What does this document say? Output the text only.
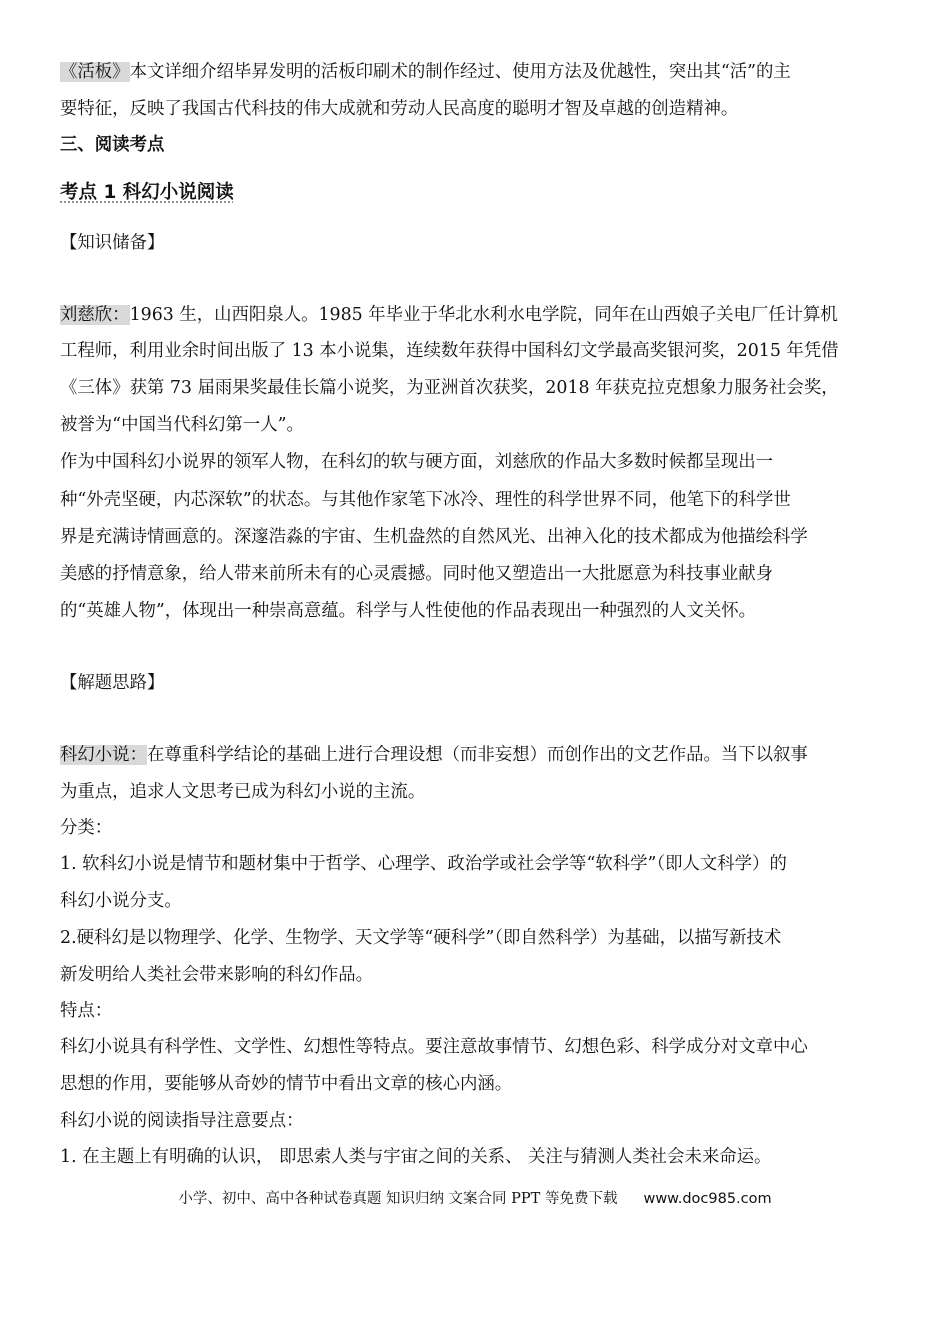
《活板》本文详细介绍毕昇发明的活板印刷术的制作经过、使用方法及优越性，突出其“活”的主
要特征，反映了我国古代科技的伟大成就和劳动人民高度的聪明才智及卓越的创造精神。
三、阅读考点
考点 1 科幻小说阅读
【知识储备】
刘慈欣：1963 生，山西阳泉人。1985 年毕业于华北水利水电学院，同年在山西娘子关电厂任计算机
工程师，利用业余时间出版了 13 本小说集，连续数年获得中国科幻文学最高奖银河奖，2015 年凭借
《三体》获第 73 届雨果奖最佳长篇小说奖，为亚洲首次获奖，2018 年获克拉克想象力服务社会奖，
被誉为“中国当代科幻第一人”。
作为中国科幻小说界的领军人物，在科幻的软与硬方面，刘慈欣的作品大多数时候都呈现出一
种“外壳坚硬，内芯深软”的状态。与其他作家笔下冰冷、理性的科学世界不同，他笔下的科学世
界是充满诗情画意的。深邃浩淼的宇宙、生机盎然的自然风光、出神入化的技术都成为他描绘科学
美感的抒情意象，给人带来前所未有的心灵震撼。同时他又塑造出一大批愿意为科技事业献身
的“英雄人物”，体现出一种崇高意蕴。科学与人性使他的作品表现出一种强烈的人文关怀。
【解题思路】
科幻小说：在尊重科学结论的基础上进行合理设想（而非妄想）而创作出的文艺作品。当下以叙事
为重点，追求人文思考已成为科幻小说的主流。
分类：
1. 软科幻小说是情节和题材集中于哲学、心理学、政治学或社会学等“软科学”（即人文科学）的
科幻小说分支。
2.硬科幻是以物理学、化学、生物学、天文学等“硬科学”（即自然科学）为基础，以描写新技术
新发明给人类社会带来影响的科幻作品。
特点：
科幻小说具有科学性、文学性、幻想性等特点。要注意故事情节、幻想色彩、科学成分对文章中心
思想的作用，要能够从奇妙的情节中看出文章的核心内涵。
科幻小说的阅读指导注意要点：
1. 在主题上有明确的认识， 即思索人类与宇宙之间的关系、 关注与猜测人类社会未来命运。
小学、初中、高中各种试卷真题 知识归纳 文案合同 PPT 等免费下载 www.doc985.com
